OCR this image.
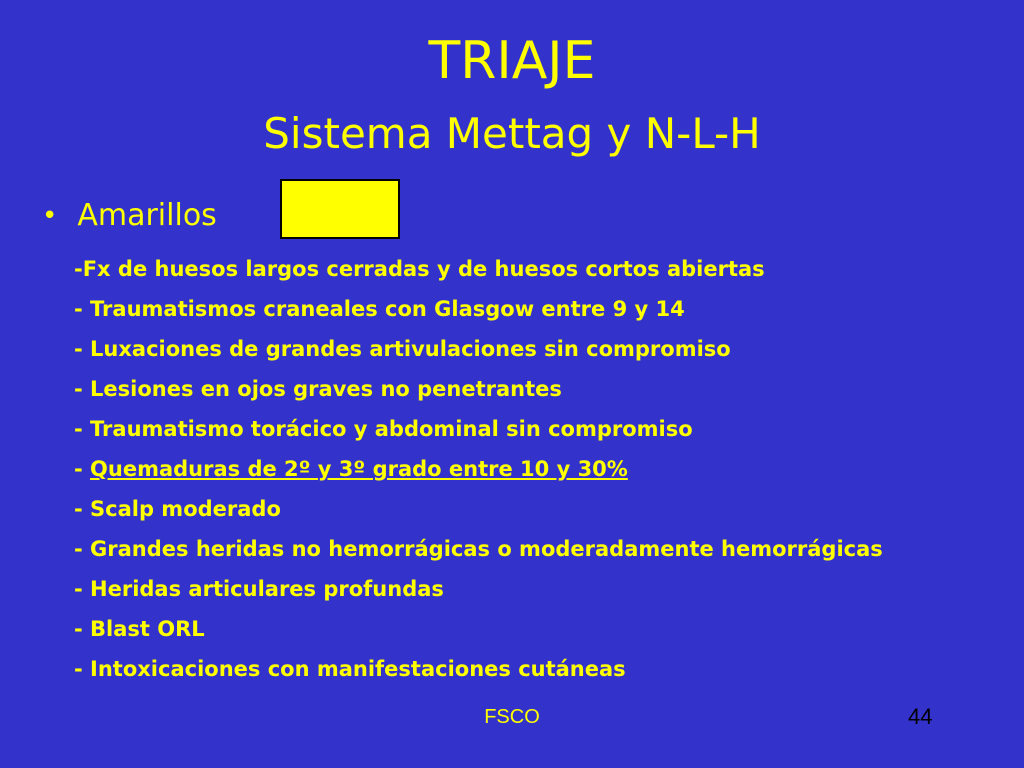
TRIAJE
Sistema Mettag y N-L-H
• Amarillos
-Fx de huesos largos cerradas y de huesos cortos abiertas
- Traumatismos craneales con Glasgow entre 9 y 14
- Luxaciones de grandes artivulaciones sin compromiso
- Lesiones en ojos graves no penetrantes
- Traumatismo torácico y abdominal sin compromiso
- Quemaduras de 2º y 3º grado entre 10 y 30%
- Scalp moderado
- Grandes heridas no hemorrágicas o moderadamente hemorrágicas
- Heridas articulares profundas
- Blast ORL
- Intoxicaciones con manifestaciones cutáneas
FSCO	44
